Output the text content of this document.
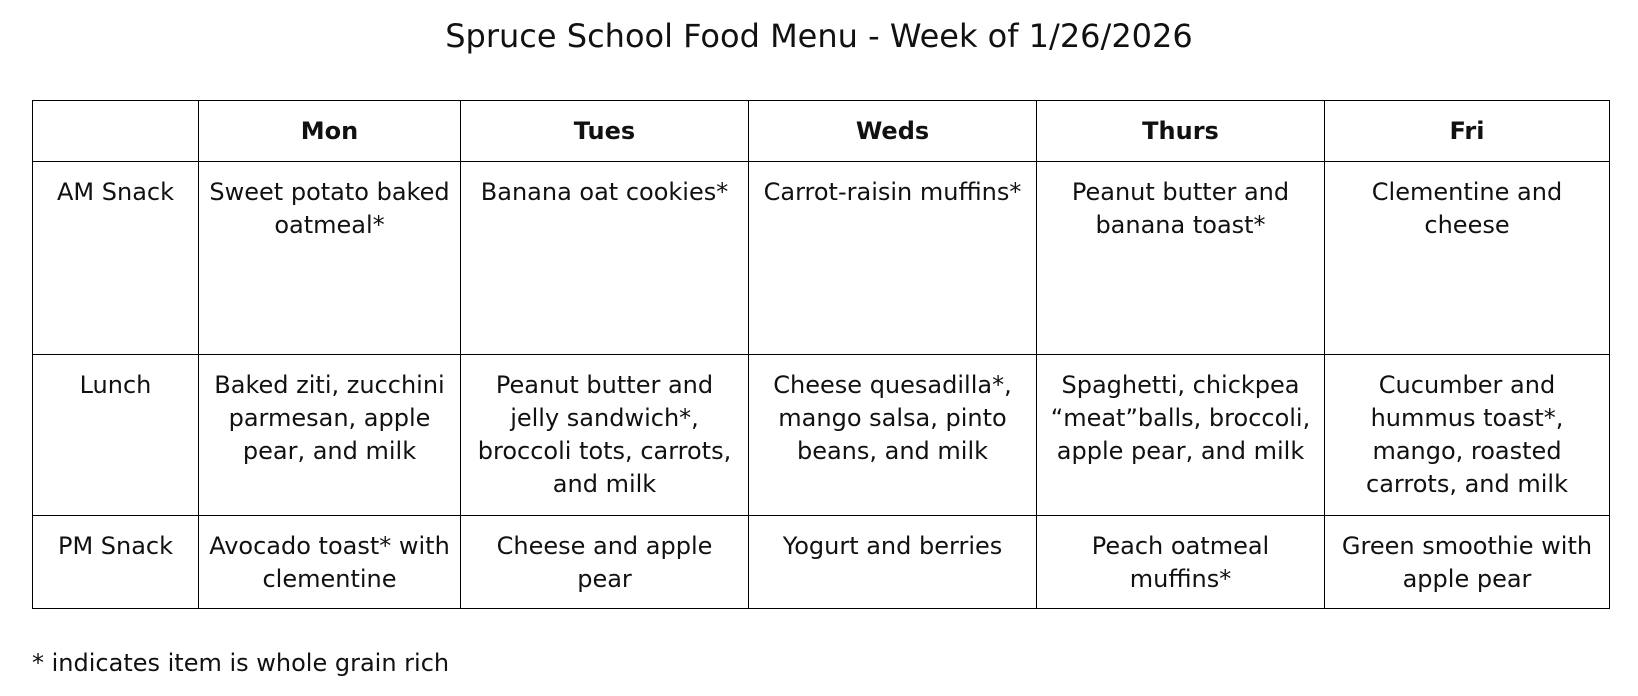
Spruce School Food Menu - Week of 1/26/2026
	Mon	Tues	Weds	Thurs	Fri
AM Snack	Sweet potato baked oatmeal*	Banana oat cookies*	Carrot-raisin muffins*	Peanut butter and banana toast*	Clementine and cheese
Lunch	Baked ziti, zucchini parmesan, apple pear, and milk	Peanut butter and jelly sandwich*, broccoli tots, carrots, and milk	Cheese quesadilla*, mango salsa, pinto beans, and milk	Spaghetti, chickpea “meat”balls, broccoli, apple pear, and milk	Cucumber and hummus toast*, mango, roasted carrots, and milk
PM Snack	Avocado toast* with clementine	Cheese and apple pear	Yogurt and berries	Peach oatmeal muffins*	Green smoothie with apple pear
* indicates item is whole grain rich
